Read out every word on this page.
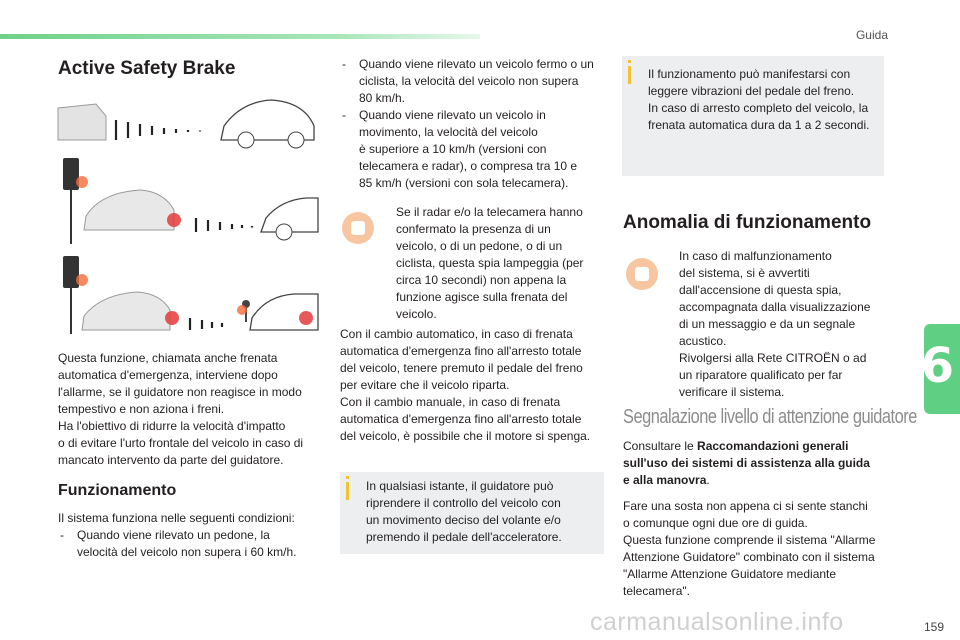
Guida
6
Active Safety Brake

Questa funzione, chiamata anche frenata
automatica d'emergenza, interviene dopo
l'allarme, se il guidatore non reagisce in modo
tempestivo e non aziona i freni.
Ha l'obiettivo di ridurre la velocità d'impatto
o di evitare l'urto frontale del veicolo in caso di
mancato intervento da parte del guidatore.

Funzionamento

Il sistema funziona nelle seguenti condizioni:

- Quando viene rilevato un pedone, la
velocità del veicolo non supera i 60 km/h.
- Quando viene rilevato un veicolo fermo o un
ciclista, la velocità del veicolo non supera
80 km/h.
- Quando viene rilevato un veicolo in
movimento, la velocità del veicolo
è superiore a 10 km/h (versioni con
telecamera e radar), o compresa tra 10 e
85 km/h (versioni con sola telecamera).

Se il radar e/o la telecamera hanno
confermato la presenza di un
veicolo, o di un pedone, o di un
ciclista, questa spia lampeggia (per
circa 10 secondi) non appena la
funzione agisce sulla frenata del
veicolo.

Con il cambio automatico, in caso di frenata
automatica d'emergenza fino all'arresto totale
del veicolo, tenere premuto il pedale del freno
per evitare che il veicolo riparta.
Con il cambio manuale, in caso di frenata
automatica d'emergenza fino all'arresto totale
del veicolo, è possibile che il motore si spenga.

In qualsiasi istante, il guidatore può
riprendere il controllo del veicolo con
un movimento deciso del volante e/o
premendo il pedale dell'acceleratore.

Il funzionamento può manifestarsi con
leggere vibrazioni del pedale del freno.
In caso di arresto completo del veicolo, la
frenata automatica dura da 1 a 2 secondi.

Anomalia di funzionamento

In caso di malfunzionamento
del sistema, si è avvertiti
dall'accensione di questa spia,
accompagnata dalla visualizzazione
di un messaggio e da un segnale
acustico.
Rivolgersi alla Rete CITROËN o ad
un riparatore qualificato per far
verificare il sistema.

Segnalazione livello di attenzione guidatore

Consultare le Raccomandazioni generali
sull'uso dei sistemi di assistenza alla guida
e alla manovra.

Fare una sosta non appena ci si sente stanchi
o comunque ogni due ore di guida.
Questa funzione comprende il sistema "Allarme
Attenzione Guidatore" combinato con il sistema
"Allarme Attenzione Guidatore mediante
telecamera".

carmanualsonline.info	159
